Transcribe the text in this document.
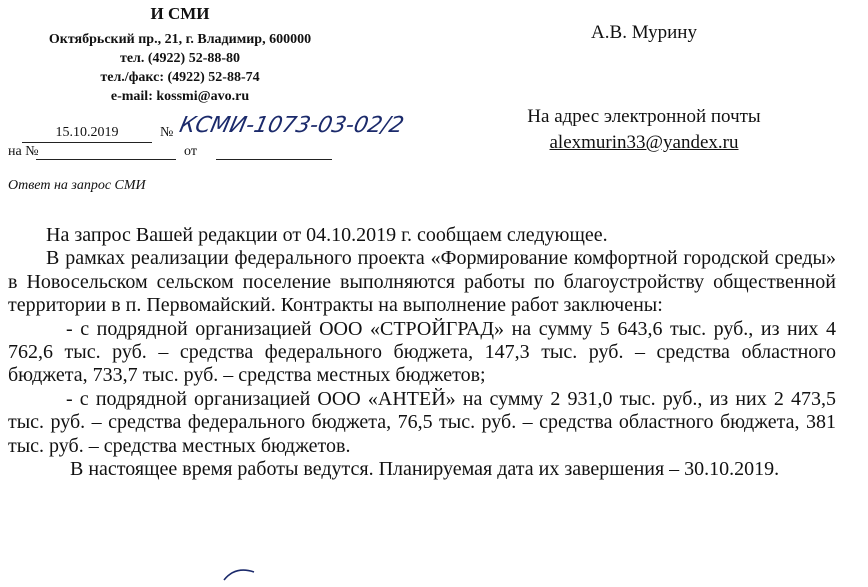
И СМИ
Октябрьский пр., 21, г. Владимир, 600000
тел. (4922) 52-88-80
тел./факс: (4922) 52-88-74
e-mail: kossmi@avo.ru
А.В. Мурину
На адрес электронной почты
alexmurin33@yandex.ru
15.10.2019	№ КСМИ-1073-03-02/2
на №	от
Ответ на запрос СМИ

На запрос Вашей редакции от 04.10.2019 г. сообщаем следующее.

В рамках реализации федерального проекта «Формирование комфортной городской среды» в Новосельском сельском поселение выполняются работы по благоустройству общественной территории в п. Первомайский. Контракты на выполнение работ заключены:

- с подрядной организацией ООО «СТРОЙГРАД» на сумму 5 643,6 тыс. руб., из них 4 762,6 тыс. руб. – средства федерального бюджета, 147,3 тыс. руб. – средства областного бюджета, 733,7 тыс. руб. – средства местных бюджетов;

- с подрядной организацией ООО «АНТЕЙ» на сумму 2 931,0 тыс. руб., из них 2 473,5 тыс. руб. – средства федерального бюджета, 76,5 тыс. руб. – средства областного бюджета, 381 тыс. руб. – средства местных бюджетов.

В настоящее время работы ведутся. Планируемая дата их завершения – 30.10.2019.
